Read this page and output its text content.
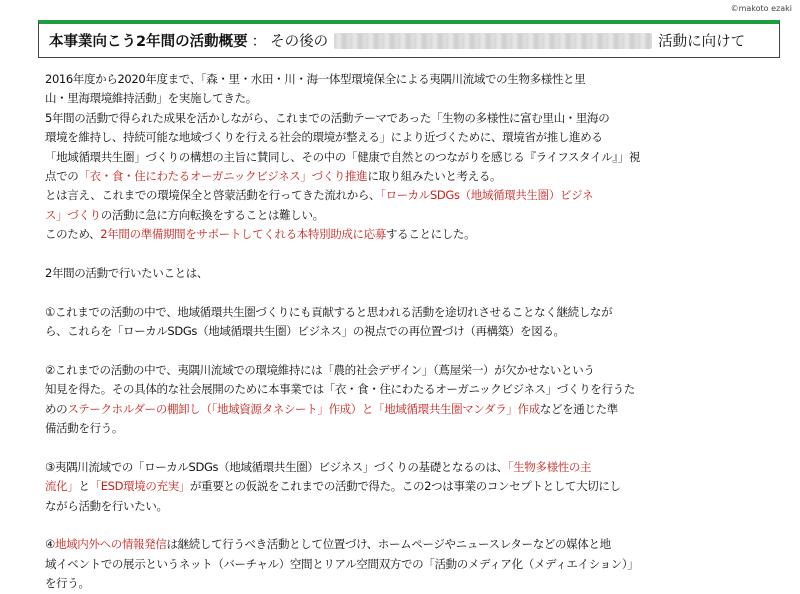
©makoto ezaki
本事業向こう2年間の活動概要 ： その後の	活動に向けて
2016年度から2020年度まで、「森・里・水田・川・海一体型環境保全による夷隅川流域での生物多様性と里
山・里海環境維持活動」を実施してきた。
5年間の活動で得られた成果を活かしながら、これまでの活動テーマであった「生物の多様性に富む里山・里海の
環境を維持し、持続可能な地域づくりを行える社会的環境が整える」により近づくために、環境省が推し進める
「地域循環共生圏」づくりの構想の主旨に賛同し、その中の「健康で自然とのつながりを感じる『ライフスタイル』」視
点での「衣・食・住にわたるオーガニックビジネス」づくり推進に取り組みたいと考える。
とは言え、これまでの環境保全と啓蒙活動を行ってきた流れから、「ローカルSDGs（地域循環共生圏）ビジネ
ス」づくりの活動に急に方向転換をすることは難しい。
このため、2年間の準備期間をサポートしてくれる本特別助成に応募することにした。
2年間の活動で行いたいことは、
①これまでの活動の中で、地域循環共生圏づくりにも貢献すると思われる活動を途切れさせることなく継続しなが
ら、これらを「ローカルSDGs（地域循環共生圏）ビジネス」の視点での再位置づけ（再構築）を図る。
②これまでの活動の中で、夷隅川流域での環境維持には「農的社会デザイン」（蔦屋栄一）が欠かせないという
知見を得た。その具体的な社会展開のために本事業では「衣・食・住にわたるオーガニックビジネス」づくりを行うた
めのステークホルダーの棚卸し（「地域資源タネシート」作成）と「地域循環共生圏マンダラ」作成などを通じた準
備活動を行う。
③夷隅川流域での「ローカルSDGs（地域循環共生圏）ビジネス」づくりの基礎となるのは、「生物多様性の主
流化」と「ESD環境の充実」が重要との仮説をこれまでの活動で得た。この2つは事業のコンセプトとして大切にし
ながら活動を行いたい。
④地域内外への情報発信は継続して行うべき活動として位置づけ、ホームページやニュースレターなどの媒体と地
域イベントでの展示というネット（バーチャル）空間とリアル空間双方での「活動のメディア化（メディエイション）」
を行う。
